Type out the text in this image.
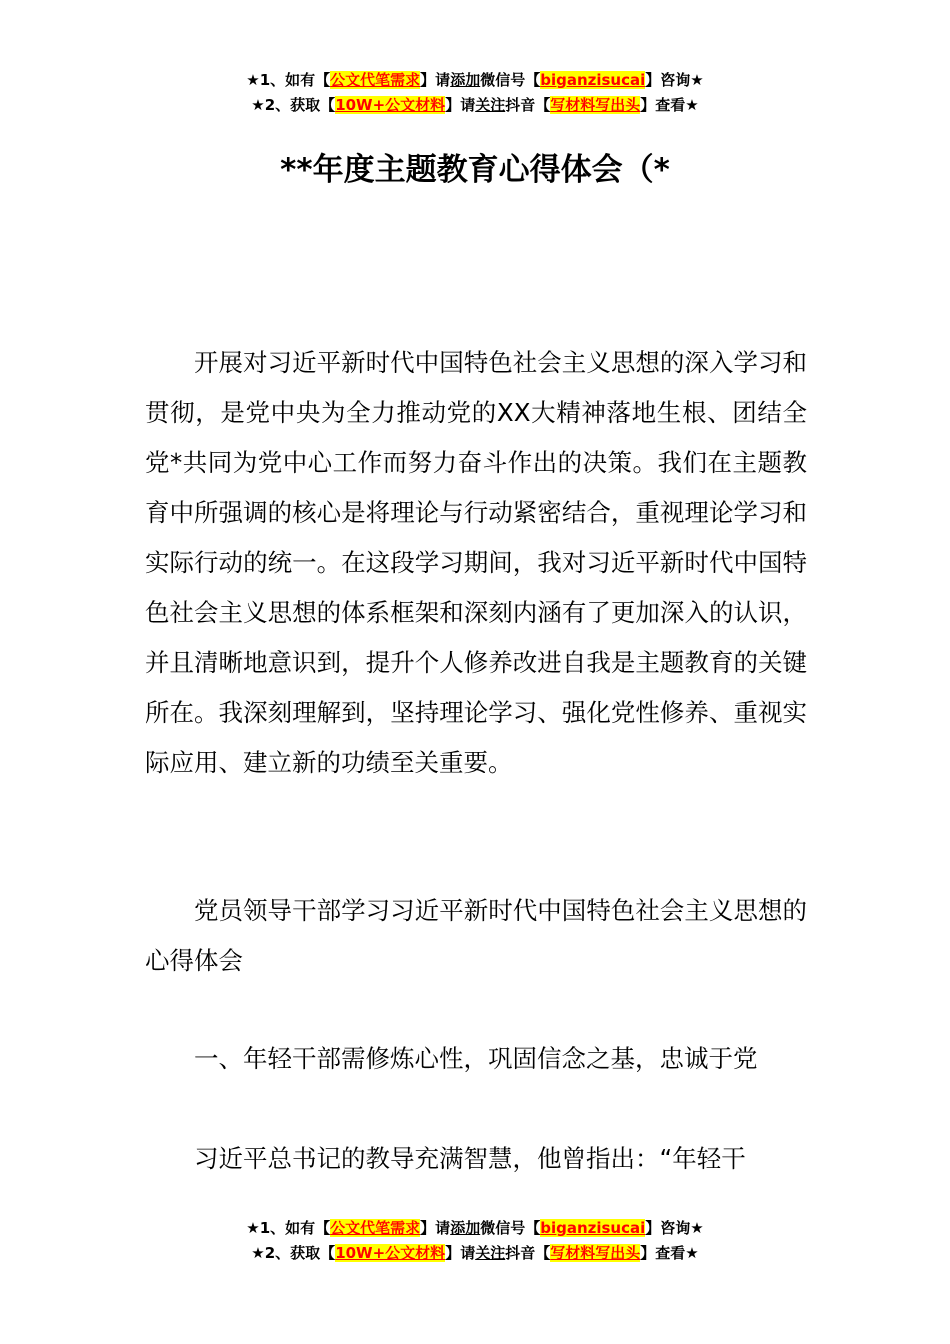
★1、如有【公文代笔需求】请添加微信号【biganzisucai】咨询★
★2、获取【10W+公文材料】请关注抖音【写材料写出头】查看★
**年度主题教育心得体会（*

开展对习近平新时代中国特色社会主义思想的深入学习和贯彻，是党中央为全力推动党的XX大精神落地生根、团结全党*共同为党中心工作而努力奋斗作出的决策。我们在主题教育中所强调的核心是将理论与行动紧密结合，重视理论学习和实际行动的统一。在这段学习期间，我对习近平新时代中国特色社会主义思想的体系框架和深刻内涵有了更加深入的认识，并且清晰地意识到，提升个人修养改进自我是主题教育的关键所在。我深刻理解到，坚持理论学习、强化党性修养、重视实际应用、建立新的功绩至关重要。

党员领导干部学习习近平新时代中国特色社会主义思想的心得体会

一、年轻干部需修炼心性，巩固信念之基，忠诚于党

习近平总书记的教导充满智慧，他曾指出：“年轻干

★1、如有【公文代笔需求】请添加微信号【biganzisucai】咨询★
★2、获取【10W+公文材料】请关注抖音【写材料写出头】查看★
